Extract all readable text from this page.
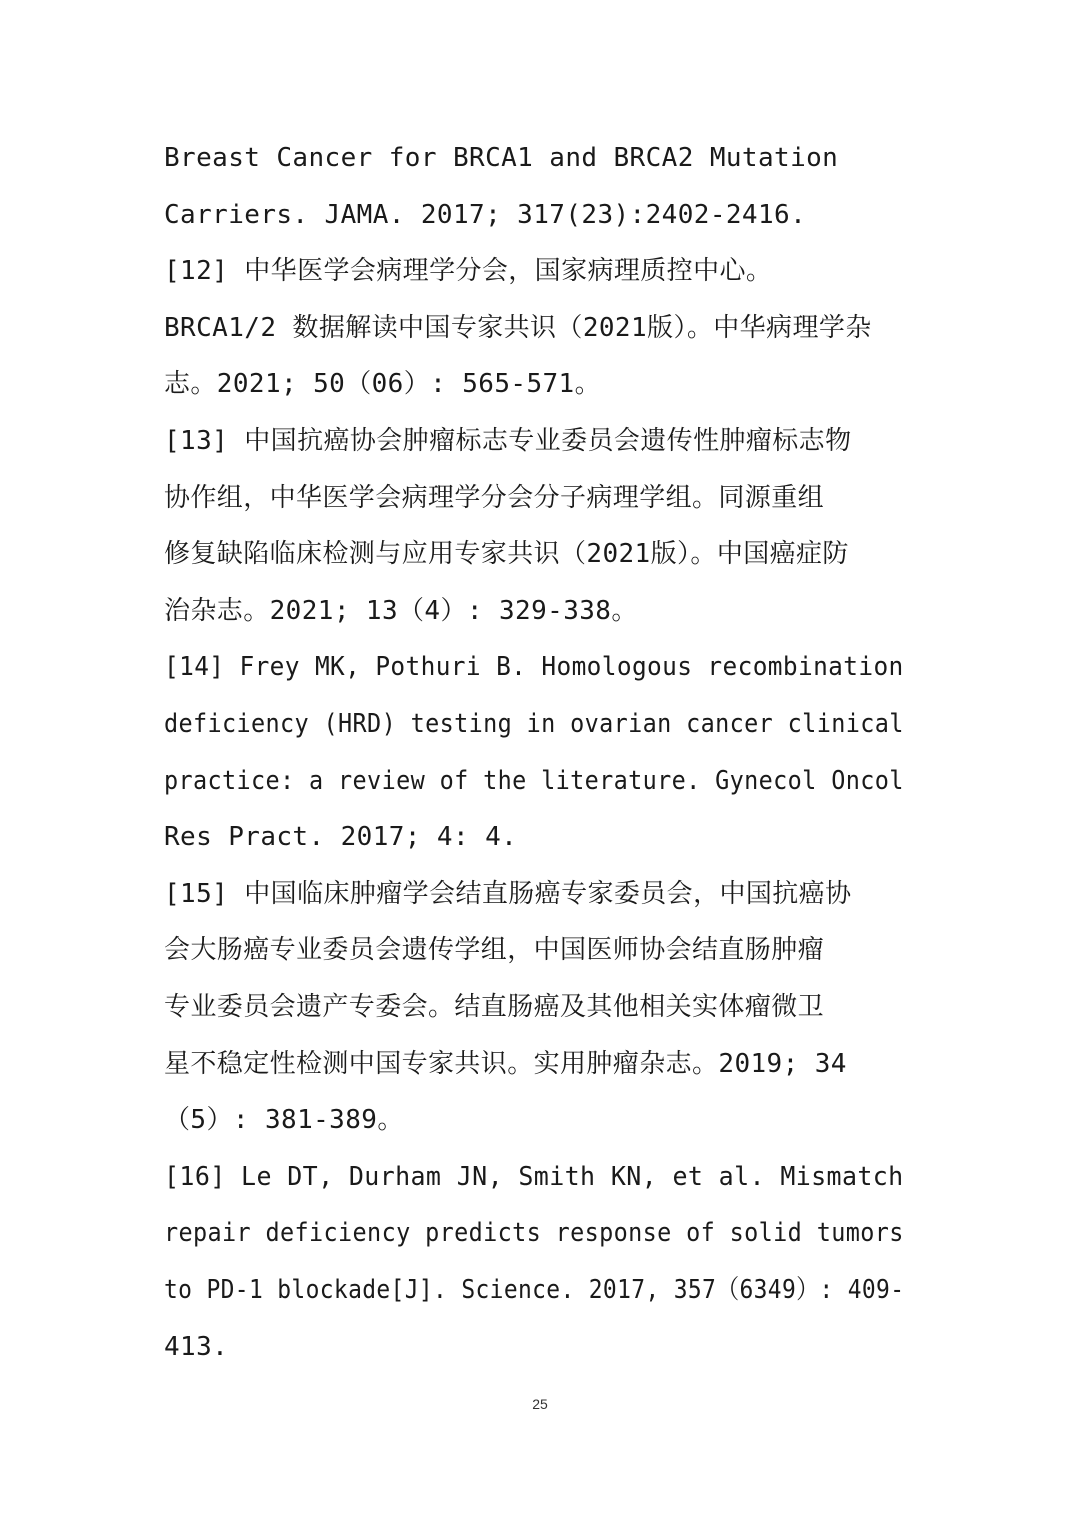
Breast Cancer for BRCA1 and BRCA2 Mutation
Carriers. JAMA. 2017; 317(23):2402-2416.
[12] 中华医学会病理学分会，国家病理质控中心。
BRCA1/2 数据解读中国专家共识（2021版）。中华病理学杂
志。2021; 50（06）: 565-571。
[13] 中国抗癌协会肿瘤标志专业委员会遗传性肿瘤标志物
协作组，中华医学会病理学分会分子病理学组。同源重组
修复缺陷临床检测与应用专家共识（2021版）。中国癌症防
治杂志。2021; 13（4）: 329-338。
[14] Frey MK, Pothuri B. Homologous recombination
deficiency (HRD) testing in ovarian cancer clinical
practice: a review of the literature. Gynecol Oncol
Res Pract. 2017; 4: 4.
[15] 中国临床肿瘤学会结直肠癌专家委员会，中国抗癌协
会大肠癌专业委员会遗传学组，中国医师协会结直肠肿瘤
专业委员会遗产专委会。结直肠癌及其他相关实体瘤微卫
星不稳定性检测中国专家共识。实用肿瘤杂志。2019; 34
（5）: 381-389。
[16] Le DT, Durham JN, Smith KN, et al. Mismatch
repair deficiency predicts response of solid tumors
to PD-1 blockade[J]. Science. 2017, 357（6349）: 409-
413.
25
